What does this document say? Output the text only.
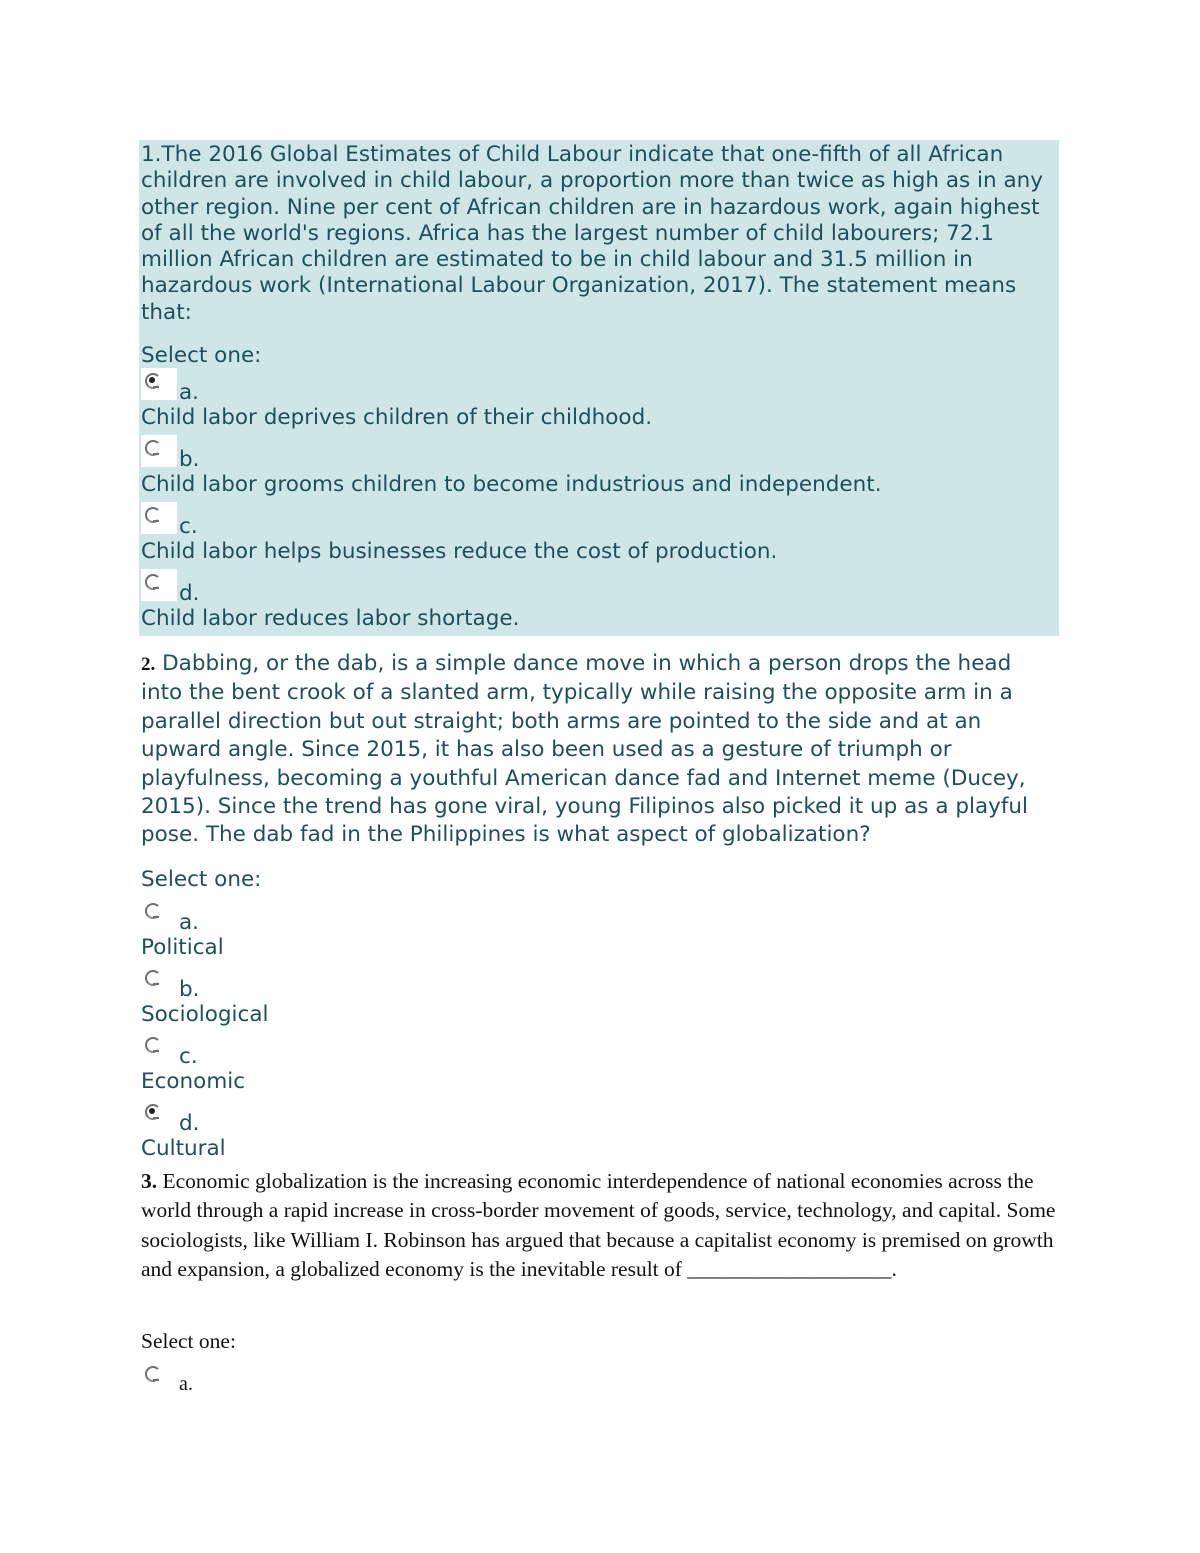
1.The 2016 Global Estimates of Child Labour indicate that one-fifth of all African children are involved in child labour, a proportion more than twice as high as in any other region. Nine per cent of African children are in hazardous work, again highest of all the world's regions. Africa has the largest number of child labourers; 72.1 million African children are estimated to be in child labour and 31.5 million in hazardous work (International Labour Organization, 2017). The statement means that:
Select one:
a.
Child labor deprives children of their childhood.
b.
Child labor grooms children to become industrious and independent.
c.
Child labor helps businesses reduce the cost of production.
d.
Child labor reduces labor shortage.
2. Dabbing, or the dab, is a simple dance move in which a person drops the head into the bent crook of a slanted arm, typically while raising the opposite arm in a parallel direction but out straight; both arms are pointed to the side and at an upward angle. Since 2015, it has also been used as a gesture of triumph or playfulness, becoming a youthful American dance fad and Internet meme (Ducey, 2015). Since the trend has gone viral, young Filipinos also picked it up as a playful pose. The dab fad in the Philippines is what aspect of globalization?
Select one:
a.
Political
b.
Sociological
c.
Economic
d.
Cultural
3. Economic globalization is the increasing economic interdependence of national economies across the world through a rapid increase in cross-border movement of goods, service, technology, and capital. Some sociologists, like William I. Robinson has argued that because a capitalist economy is premised on growth and expansion, a globalized economy is the inevitable result of ___________________.
Select one:
a.
